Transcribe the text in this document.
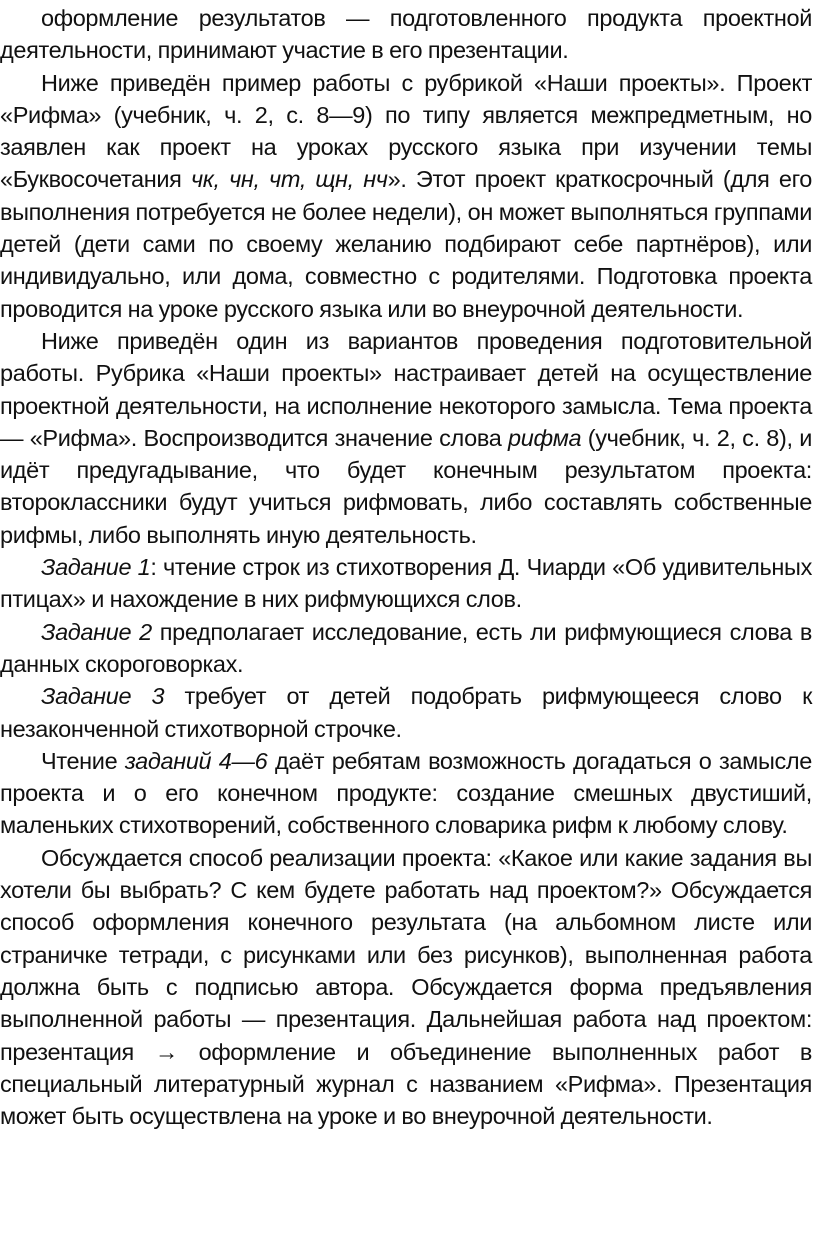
оформление результатов — подготовленного продукта проектной деятельности, принимают участие в его презентации.

Ниже приведён пример работы с рубрикой «Наши проекты». Проект «Рифма» (учебник, ч. 2, с. 8—9) по типу является межпредметным, но заявлен как проект на уроках русского языка при изучении темы «Буквосочетания чк, чн, чт, щн, нч». Этот проект краткосрочный (для его выполнения потребуется не более недели), он может выполняться группами детей (дети сами по своему желанию подбирают себе партнёров), или индивидуально, или дома, совместно с родителями. Подготовка проекта проводится на уроке русского языка или во внеурочной деятельности.

Ниже приведён один из вариантов проведения подготовительной работы. Рубрика «Наши проекты» настраивает детей на осуществление проектной деятельности, на исполнение некоторого замысла. Тема проекта — «Рифма». Воспроизводится значение слова рифма (учебник, ч. 2, с. 8), и идёт предугадывание, что будет конечным результатом проекта: второклассники будут учиться рифмовать, либо составлять собственные рифмы, либо выполнять иную деятельность.

Задание 1: чтение строк из стихотворения Д. Чиарди «Об удивительных птицах» и нахождение в них рифмующихся слов.

Задание 2 предполагает исследование, есть ли рифмующиеся слова в данных скороговорках.

Задание 3 требует от детей подобрать рифмующееся слово к незаконченной стихотворной строчке.

Чтение заданий 4—6 даёт ребятам возможность догадаться о замысле проекта и о его конечном продукте: создание смешных двустиший, маленьких стихотворений, собственного словарика рифм к любому слову.

Обсуждается способ реализации проекта: «Какое или какие задания вы хотели бы выбрать? С кем будете работать над проектом?» Обсуждается способ оформления конечного результата (на альбомном листе или страничке тетради, с рисунками или без рисунков), выполненная работа должна быть с подписью автора. Обсуждается форма предъявления выполненной работы — презентация. Дальнейшая работа над проектом: презентация → оформление и объединение выполненных работ в специальный литературный журнал с названием «Рифма». Презентация может быть осуществлена на уроке и во внеурочной деятельности.
